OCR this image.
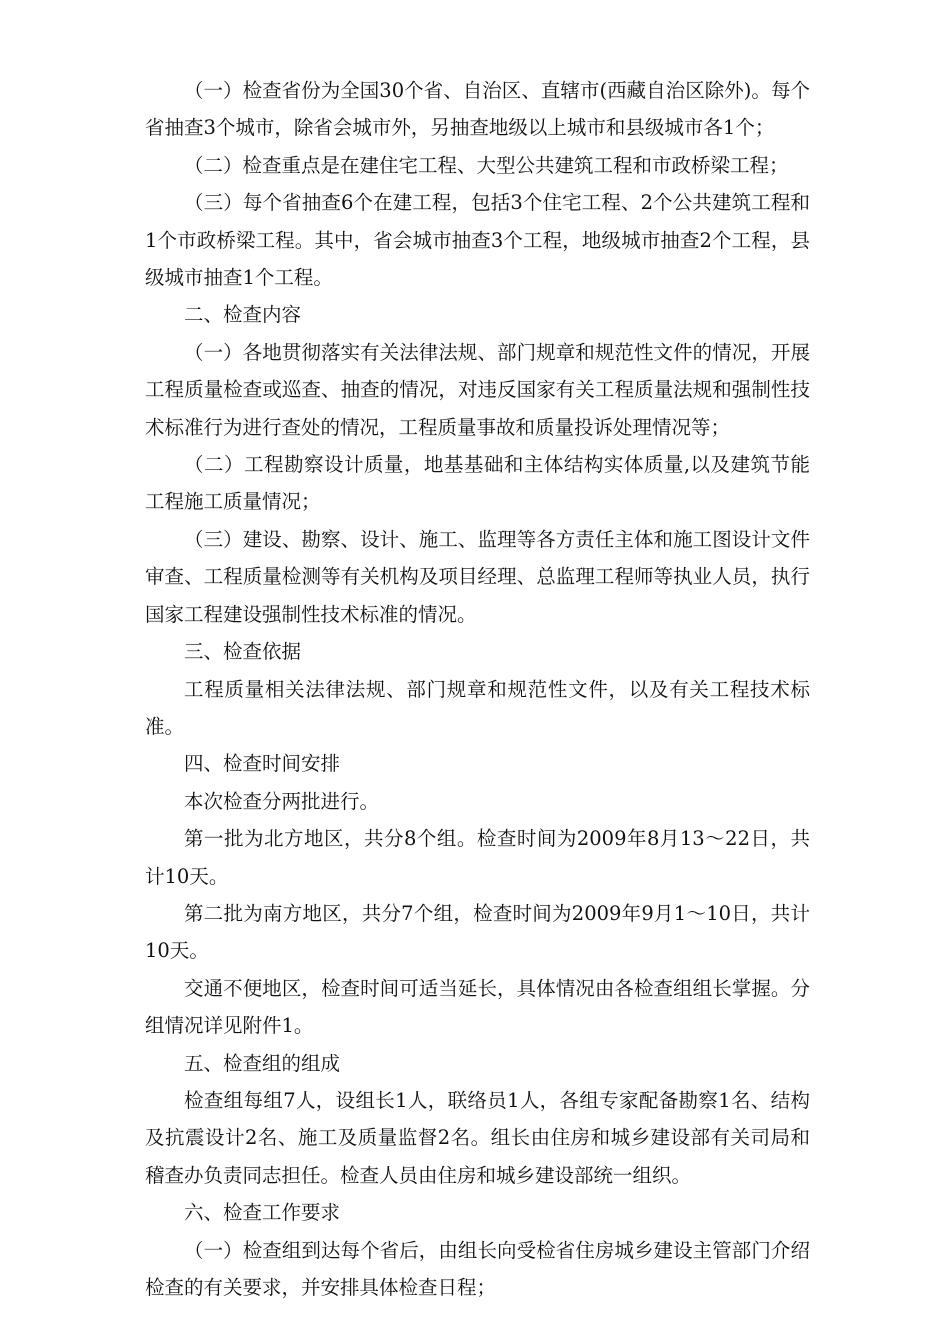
（一）检查省份为全国30个省、自治区、直辖市(西藏自治区除外)。每个省抽查3个城市，除省会城市外，另抽查地级以上城市和县级城市各1个；

（二）检查重点是在建住宅工程、大型公共建筑工程和市政桥梁工程；

（三）每个省抽查6个在建工程，包括3个住宅工程、2个公共建筑工程和1个市政桥梁工程。其中，省会城市抽查3个工程，地级城市抽查2个工程，县级城市抽查1个工程。

二、检查内容

（一）各地贯彻落实有关法律法规、部门规章和规范性文件的情况，开展工程质量检查或巡查、抽查的情况，对违反国家有关工程质量法规和强制性技术标准行为进行查处的情况，工程质量事故和质量投诉处理情况等；

（二）工程勘察设计质量，地基基础和主体结构实体质量,以及建筑节能工程施工质量情况；

（三）建设、勘察、设计、施工、监理等各方责任主体和施工图设计文件审查、工程质量检测等有关机构及项目经理、总监理工程师等执业人员，执行国家工程建设强制性技术标准的情况。

三、检查依据

工程质量相关法律法规、部门规章和规范性文件，以及有关工程技术标准。

四、检查时间安排

本次检查分两批进行。

第一批为北方地区，共分8个组。检查时间为2009年8月13～22日，共计10天。

第二批为南方地区，共分7个组，检查时间为2009年9月1～10日，共计10天。

交通不便地区，检查时间可适当延长，具体情况由各检查组组长掌握。分组情况详见附件1。

五、检查组的组成

检查组每组7人，设组长1人，联络员1人，各组专家配备勘察1名、结构及抗震设计2名、施工及质量监督2名。组长由住房和城乡建设部有关司局和稽查办负责同志担任。检查人员由住房和城乡建设部统一组织。

六、检查工作要求

（一）检查组到达每个省后，由组长向受检省住房城乡建设主管部门介绍检查的有关要求，并安排具体检查日程；
